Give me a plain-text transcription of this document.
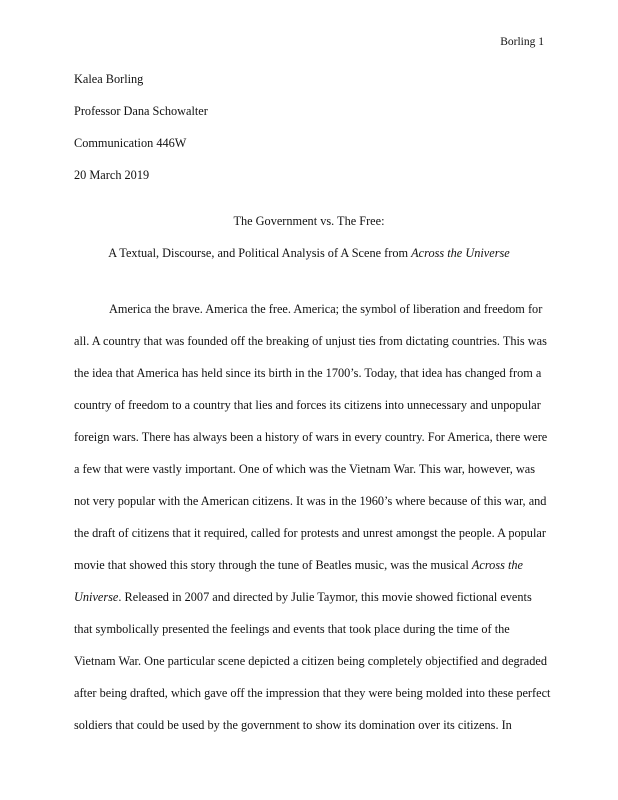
Borling 1
Kalea Borling
Professor Dana Schowalter
Communication 446W
20 March 2019
The Government vs. The Free:
A Textual, Discourse, and Political Analysis of A Scene from Across the Universe
America the brave. America the free. America; the symbol of liberation and freedom for
all. A country that was founded off the breaking of unjust ties from dictating countries. This was
the idea that America has held since its birth in the 1700’s. Today, that idea has changed from a
country of freedom to a country that lies and forces its citizens into unnecessary and unpopular
foreign wars. There has always been a history of wars in every country. For America, there were
a few that were vastly important. One of which was the Vietnam War. This war, however, was
not very popular with the American citizens. It was in the 1960’s where because of this war, and
the draft of citizens that it required, called for protests and unrest amongst the people. A popular
movie that showed this story through the tune of Beatles music, was the musical Across the
Universe. Released in 2007 and directed by Julie Taymor, this movie showed fictional events
that symbolically presented the feelings and events that took place during the time of the
Vietnam War. One particular scene depicted a citizen being completely objectified and degraded
after being drafted, which gave off the impression that they were being molded into these perfect
soldiers that could be used by the government to show its domination over its citizens. In
